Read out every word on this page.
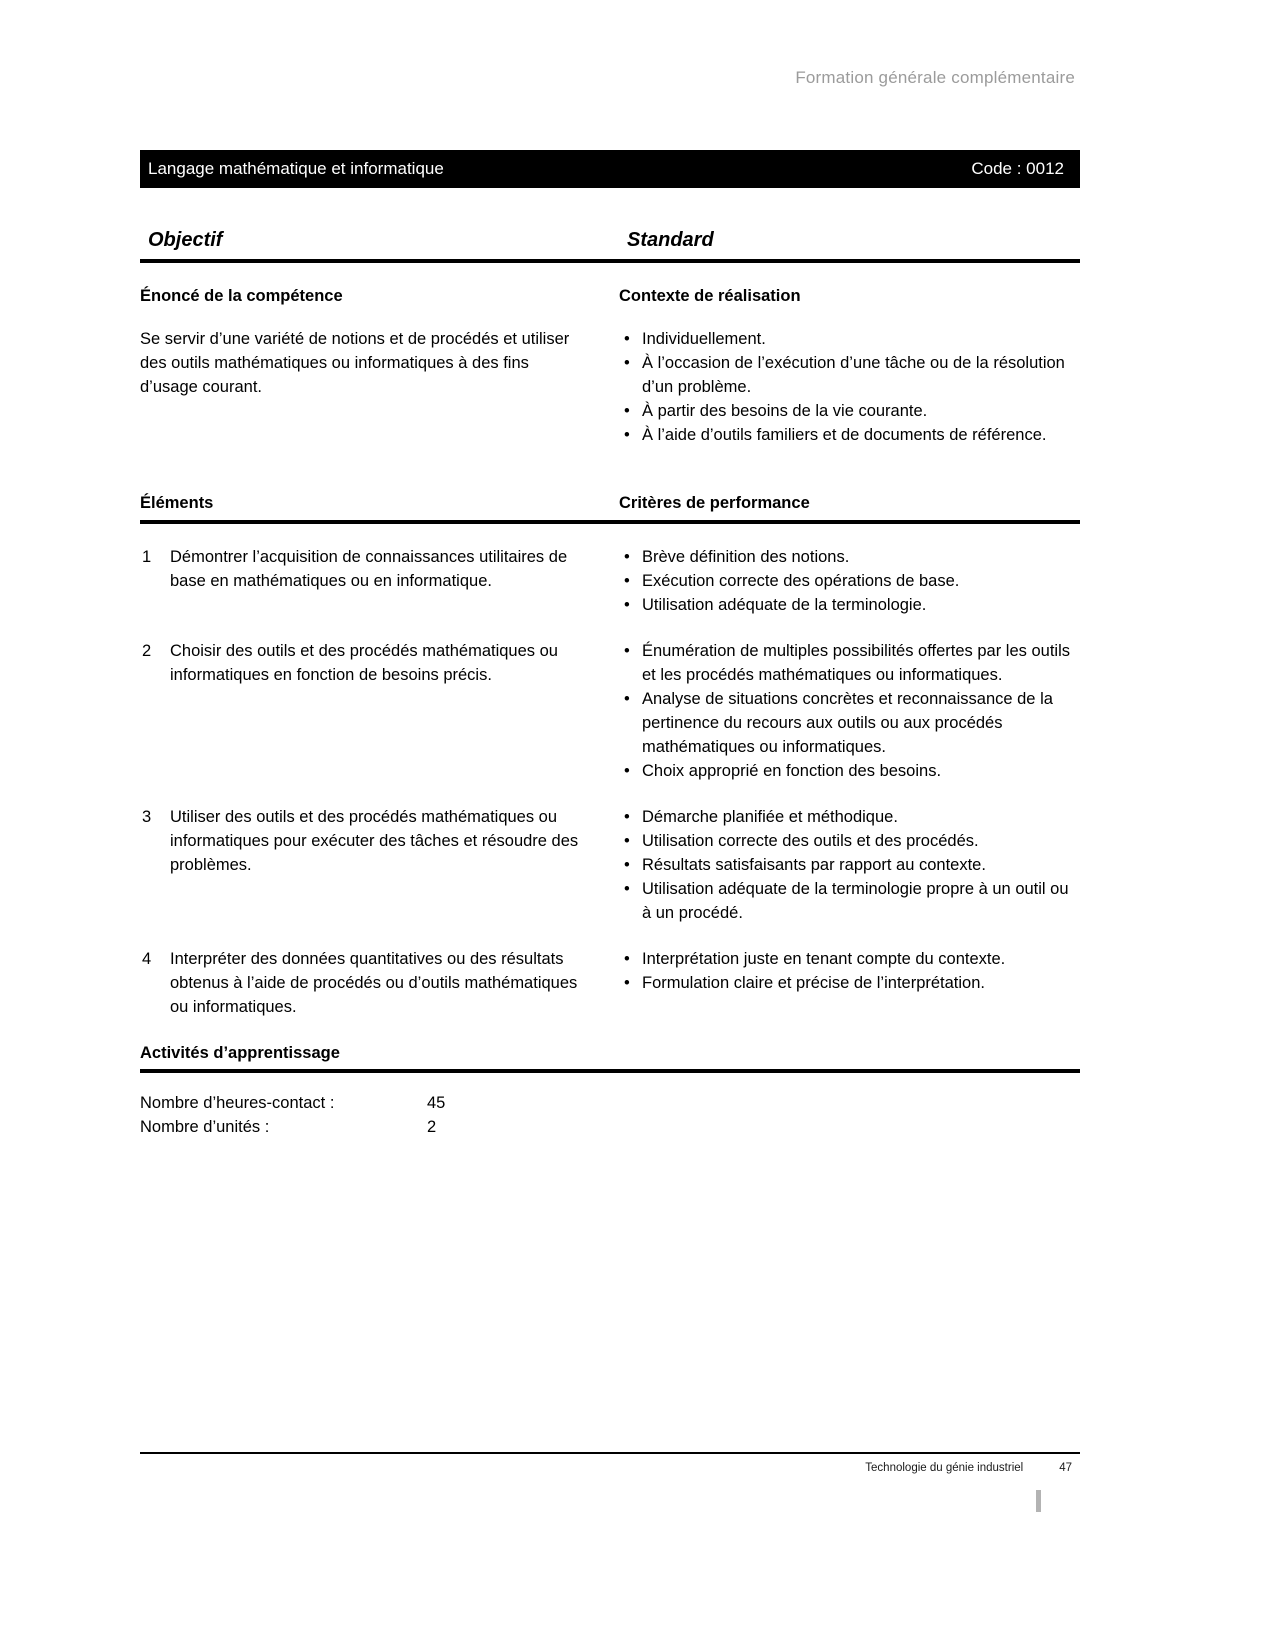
Formation générale complémentaire
Langage mathématique et informatique	Code : 0012
Objectif	Standard
Énoncé de la compétence

Se servir d’une variété de notions et de procédés et utiliser des outils mathématiques ou informatiques à des fins d’usage courant.

Contexte de réalisation
• Individuellement.
• À l’occasion de l’exécution d’une tâche ou de la résolution d’un problème.
• À partir des besoins de la vie courante.
• À l’aide d’outils familiers et de documents de référence.
Éléments	Critères de performance
1 Démontrer l’acquisition de connaissances utilitaires de base en mathématiques ou en informatique.
• Brève définition des notions.
• Exécution correcte des opérations de base.
• Utilisation adéquate de la terminologie.
2 Choisir des outils et des procédés mathématiques ou informatiques en fonction de besoins précis.
• Énumération de multiples possibilités offertes par les outils et les procédés mathématiques ou informatiques.
• Analyse de situations concrètes et reconnaissance de la pertinence du recours aux outils ou aux procédés mathématiques ou informatiques.
• Choix approprié en fonction des besoins.
3 Utiliser des outils et des procédés mathématiques ou informatiques pour exécuter des tâches et résoudre des problèmes.
• Démarche planifiée et méthodique.
• Utilisation correcte des outils et des procédés.
• Résultats satisfaisants par rapport au contexte.
• Utilisation adéquate de la terminologie propre à un outil ou à un procédé.
4 Interpréter des données quantitatives ou des résultats obtenus à l’aide de procédés ou d’outils mathématiques ou informatiques.
• Interprétation juste en tenant compte du contexte.
• Formulation claire et précise de l’interprétation.
Activités d’apprentissage
Nombre d’heures-contact :	45
Nombre d’unités :	2
Technologie du génie industriel	47
